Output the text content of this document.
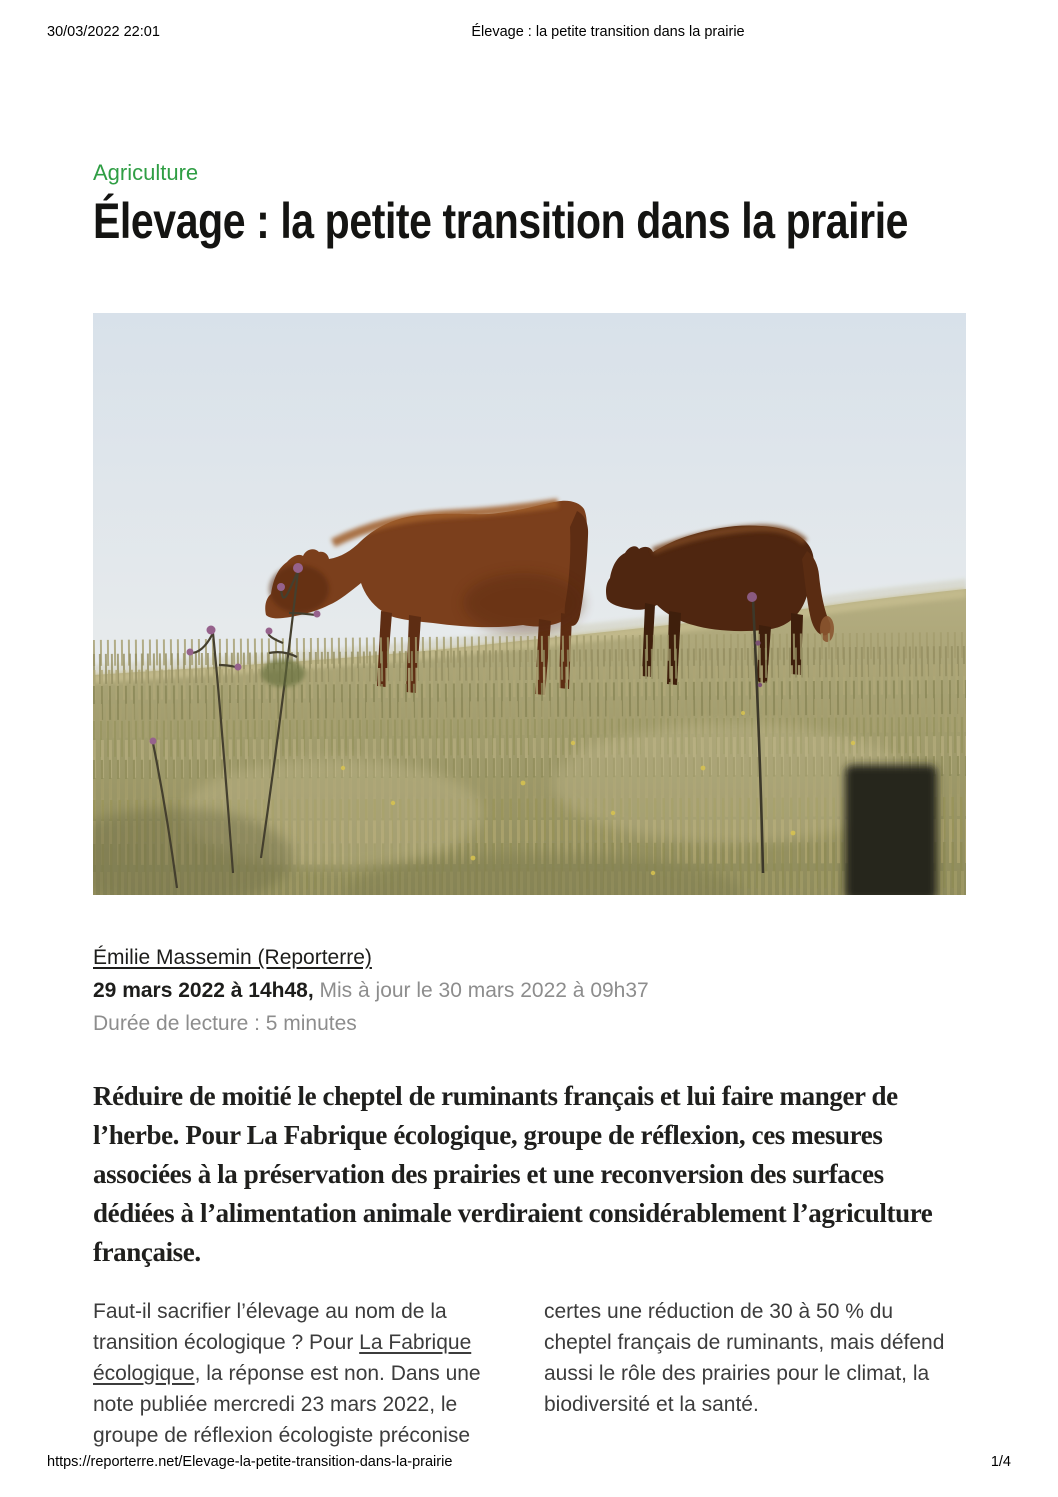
30/03/2022 22:01	Élevage : la petite transition dans la prairie
Agriculture
Élevage : la petite transition dans la prairie
Émilie Massemin (Reporterre)
29 mars 2022 à 14h48, Mis à jour le 30 mars 2022 à 09h37
Durée de lecture : 5 minutes

Réduire de moitié le cheptel de ruminants français et lui faire manger de l’herbe. Pour La Fabrique écologique, groupe de réflexion, ces mesures associées à la préservation des prairies et une reconversion des surfaces dédiées à l’alimentation animale verdiraient considérablement l’agriculture française.

Faut-il sacrifier l’élevage au nom de la transition écologique ? Pour La Fabrique écologique, la réponse est non. Dans une note publiée mercredi 23 mars 2022, le groupe de réflexion écologiste préconise

certes une réduction de 30 à 50 % du cheptel français de ruminants, mais défend aussi le rôle des prairies pour le climat, la biodiversité et la santé.

https://reporterre.net/Elevage-la-petite-transition-dans-la-prairie	1/4
